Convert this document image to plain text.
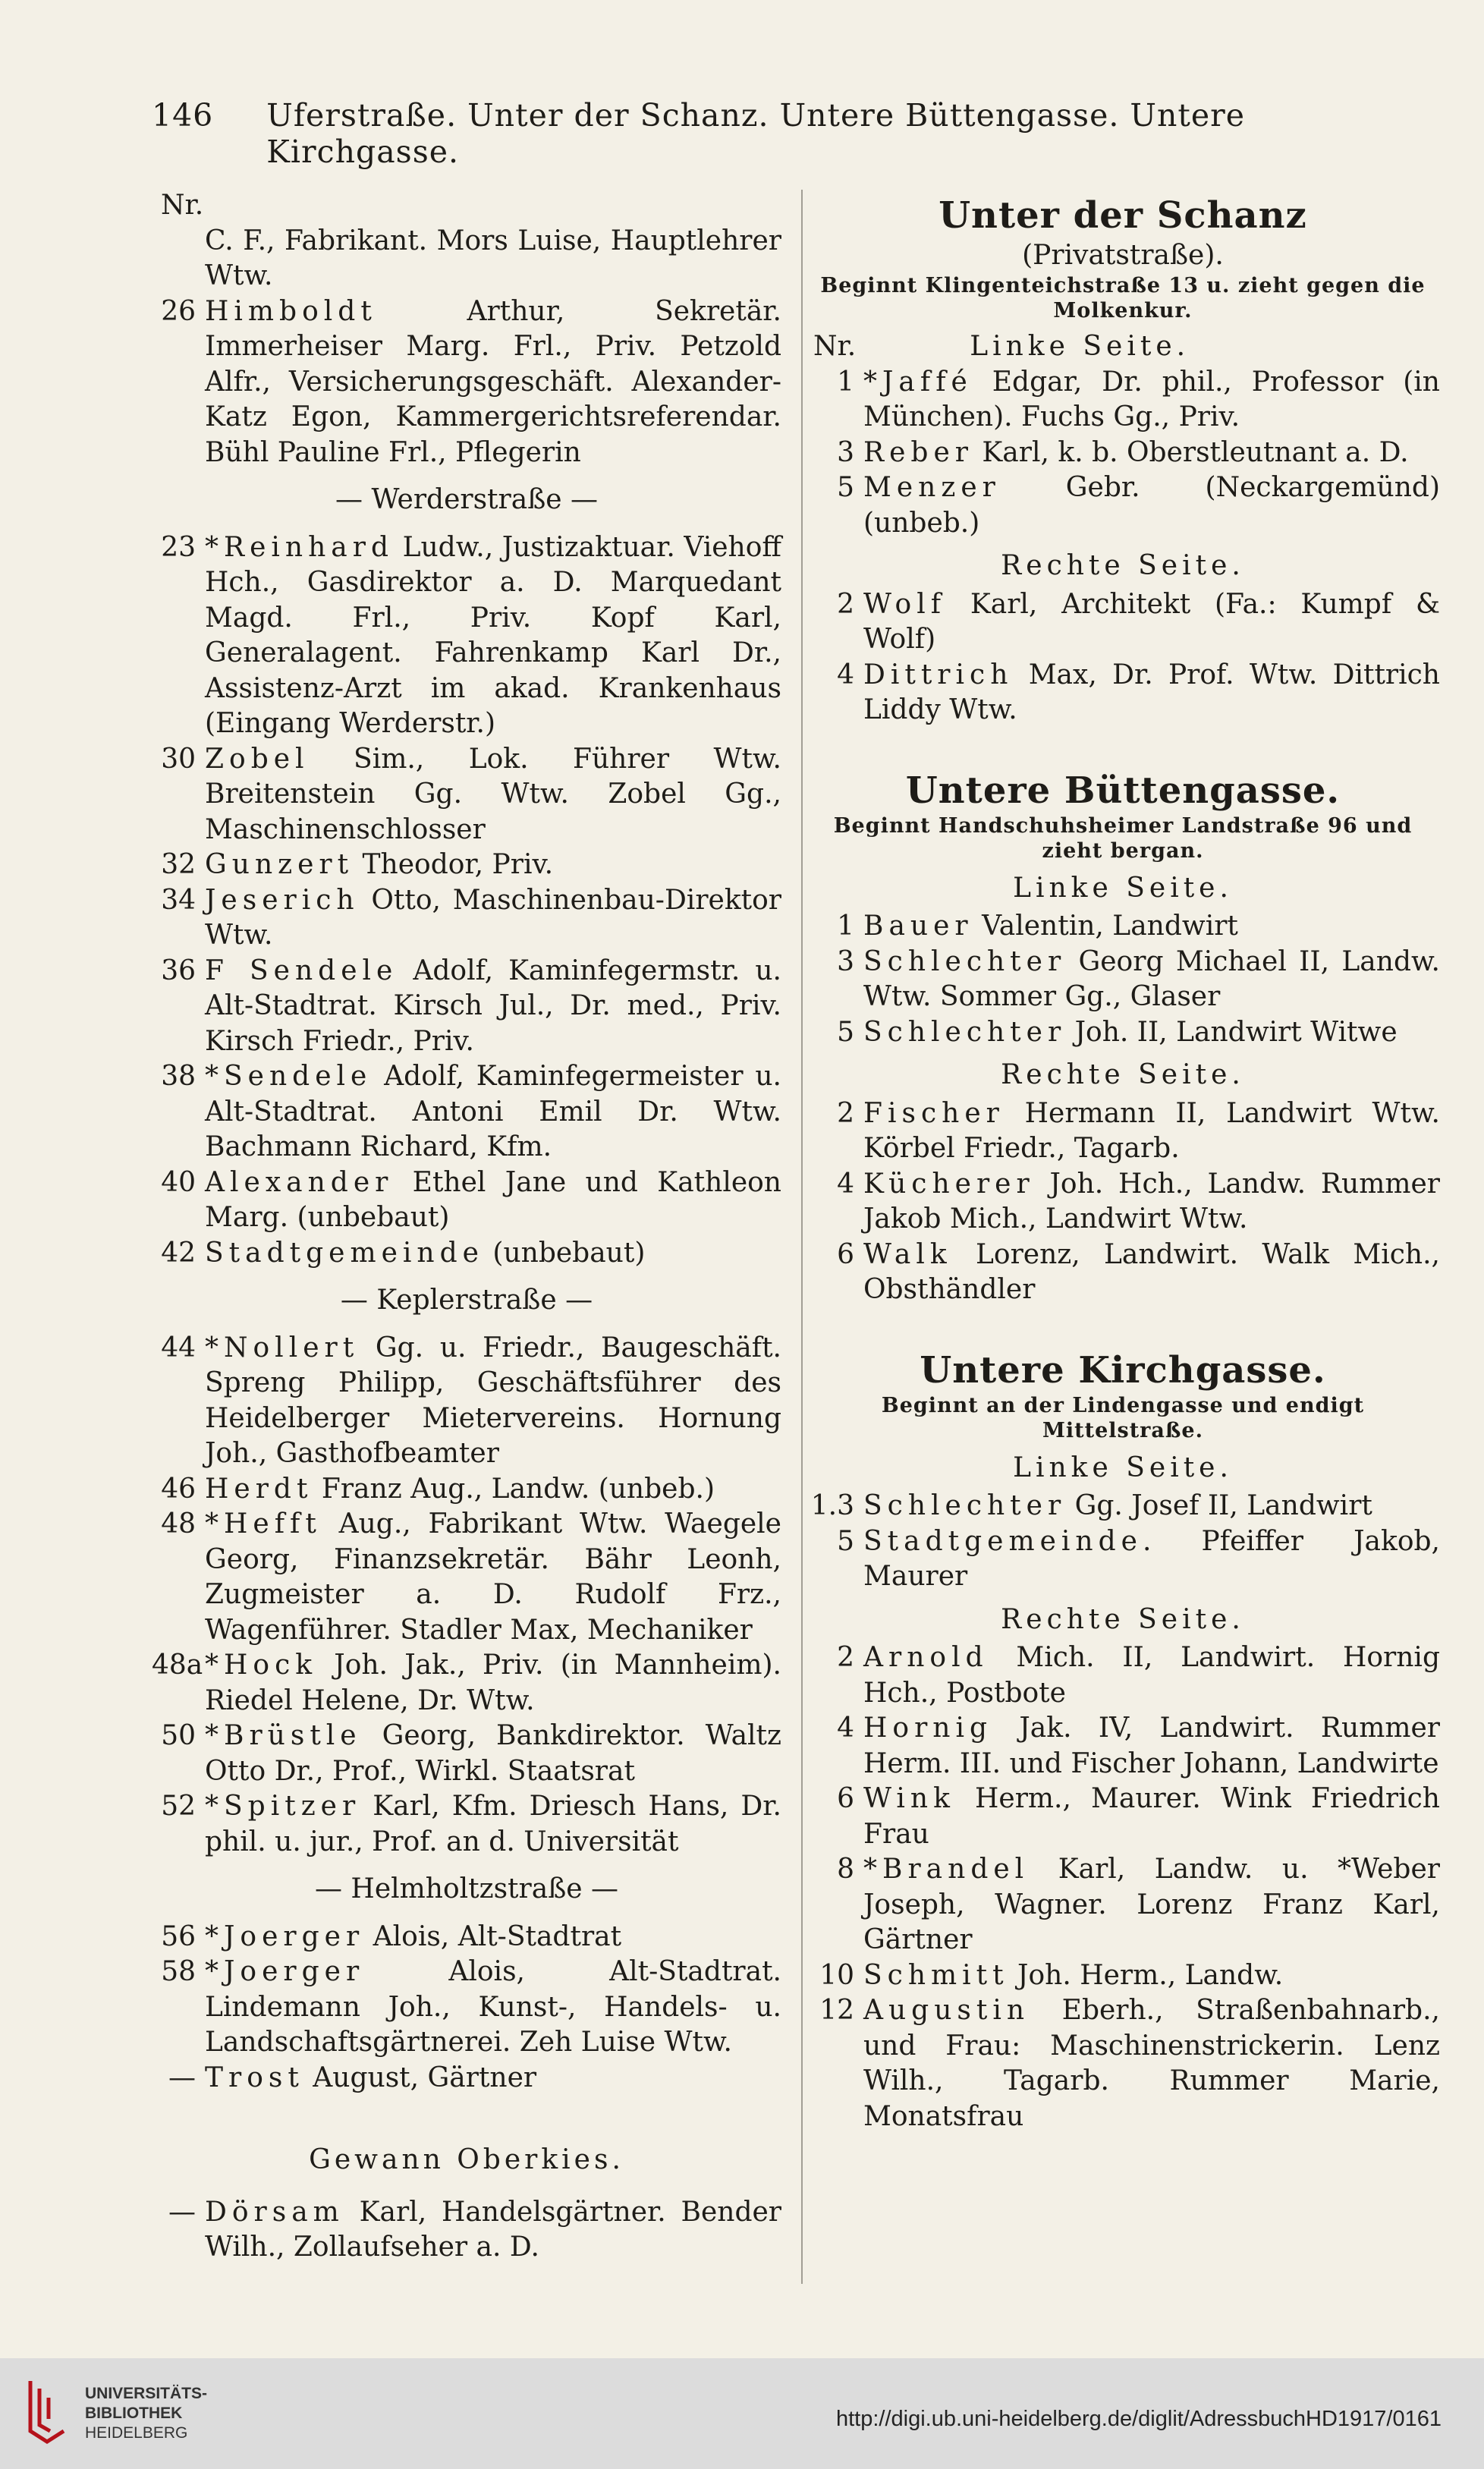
146 Uferstraße. Unter der Schanz. Untere Büttengasse. Untere Kirchgasse.
Nr.
C. F., Fabrikant. Mors Luise, Hauptlehrer Wtw.
26 Himboldt Arthur, Sekretär. Immerheiser Marg. Frl., Priv. Petzold Alfr., Versicherungsgeschäft. Alexander-Katz Egon, Kammergerichtsreferendar. Bühl Pauline Frl., Pflegerin
— Werderstraße —
23 *Reinhard Ludw., Justizaktuar. Viehoff Hch., Gasdirektor a. D. Marquedant Magd. Frl., Priv. Kopf Karl, Generalagent. Fahrenkamp Karl Dr., Assistenz-Arzt im akad. Krankenhaus (Eingang Werderstr.)
30 Zobel Sim., Lok. Führer Wtw. Breitenstein Gg. Wtw. Zobel Gg., Maschinenschlosser
32 Gunzert Theodor, Priv.
34 Jeserich Otto, Maschinenbau-Direktor Wtw.
36 F Sendele Adolf, Kaminfegermstr. u. Alt-Stadtrat. Kirsch Jul., Dr. med., Priv. Kirsch Friedr., Priv.
38 *Sendele Adolf, Kaminfegermeister u. Alt-Stadtrat. Antoni Emil Dr. Wtw. Bachmann Richard, Kfm.
40 Alexander Ethel Jane und Kathleon Marg. (unbebaut)
42 Stadtgemeinde (unbebaut)
— Keplerstraße —
44 *Nollert Gg. u. Friedr., Baugeschäft. Spreng Philipp, Geschäftsführer des Heidelberger Mietervereins. Hornung Joh., Gasthofbeamter
46 Herdt Franz Aug., Landw. (unbeb.)
48 *Hefft Aug., Fabrikant Wtw. Waegele Georg, Finanzsekretär. Bähr Leonh, Zugmeister a. D. Rudolf Frz., Wagenführer. Stadler Max, Mechaniker
48a *Hock Joh. Jak., Priv. (in Mannheim). Riedel Helene, Dr. Wtw.
50 *Brüstle Georg, Bankdirektor. Waltz Otto Dr., Prof., Wirkl. Staatsrat
52 *Spitzer Karl, Kfm. Driesch Hans, Dr. phil. u. jur., Prof. an d. Universität
— Helmholtzstraße —
56 *Joerger Alois, Alt-Stadtrat
58 *Joerger Alois, Alt-Stadtrat. Lindemann Joh., Kunst-, Handels- u. Landschaftsgärtnerei. Zeh Luise Wtw.
— Trost August, Gärtner
Gewann Oberkies.
— Dörsam Karl, Handelsgärtner. Bender Wilh., Zollaufseher a. D.
Unter der Schanz
(Privatstraße).
Beginnt Klingenteichstraße 13 u. zieht gegen die Molkenkur.
Nr.	Linke Seite.
1 *Jaffé Edgar, Dr. phil., Professor (in München). Fuchs Gg., Priv.
3 Reber Karl, k. b. Oberstleutnant a. D.
5 Menzer Gebr. (Neckargemünd) (unbeb.)
Rechte Seite.
2 Wolf Karl, Architekt (Fa.: Kumpf & Wolf)
4 Dittrich Max, Dr. Prof. Wtw. Dittrich Liddy Wtw.
Untere Büttengasse.
Beginnt Handschuhsheimer Landstraße 96 und zieht bergan.
Linke Seite.
1 Bauer Valentin, Landwirt
3 Schlechter Georg Michael II, Landw. Wtw. Sommer Gg., Glaser
5 Schlechter Joh. II, Landwirt Witwe
Rechte Seite.
2 Fischer Hermann II, Landwirt Wtw. Körbel Friedr., Tagarb.
4 Kücherer Joh. Hch., Landw. Rummer Jakob Mich., Landwirt Wtw.
6 Walk Lorenz, Landwirt. Walk Mich., Obsthändler
Untere Kirchgasse.
Beginnt an der Lindengasse und endigt Mittelstraße.
Linke Seite.
1.3 Schlechter Gg. Josef II, Landwirt
5 Stadtgemeinde. Pfeiffer Jakob, Maurer
Rechte Seite.
2 Arnold Mich. II, Landwirt. Hornig Hch., Postbote
4 Hornig Jak. IV, Landwirt. Rummer Herm. III. und Fischer Johann, Landwirte
6 Wink Herm., Maurer. Wink Friedrich Frau
8 *Brandel Karl, Landw. u. *Weber Joseph, Wagner. Lorenz Franz Karl, Gärtner
10 Schmitt Joh. Herm., Landw.
12 Augustin Eberh., Straßenbahnarb., und Frau: Maschinenstrickerin. Lenz Wilh., Tagarb. Rummer Marie, Monatsfrau
UNIVERSITÄTS-
BIBLIOTHEK
HEIDELBERG
http://digi.ub.uni-heidelberg.de/diglit/AdressbuchHD1917/0161
